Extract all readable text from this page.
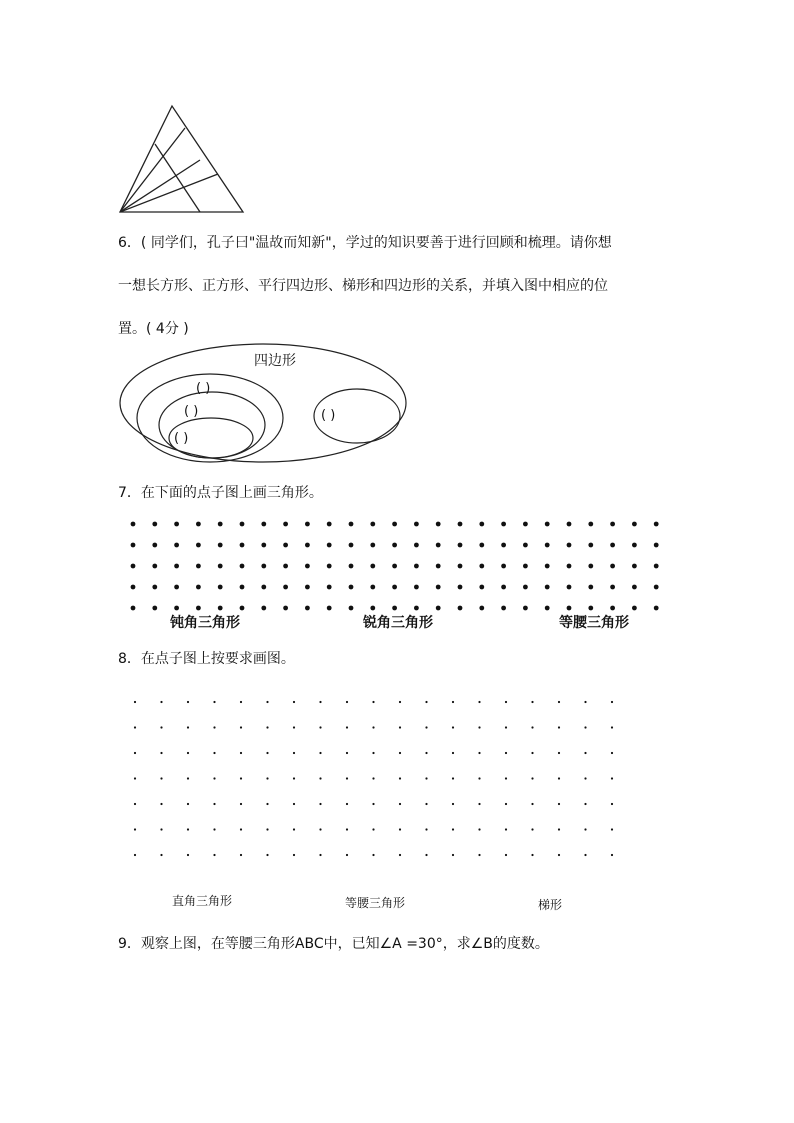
6．( 同学们，孔子曰"温故而知新"，学过的知识要善于进行回顾和梳理。请你想
一想长方形、正方形、平行四边形、梯形和四边形的关系，并填入图中相应的位
置。( 4分 )
四边形
( )
( )
( )
( )
7．在下面的点子图上画三角形。
钝角三角形	锐角三角形	等腰三角形
8．在点子图上按要求画图。
直角三角形	等腰三角形	梯形
9．观察上图，在等腰三角形ABC中，已知∠A =30°，求∠B的度数。
